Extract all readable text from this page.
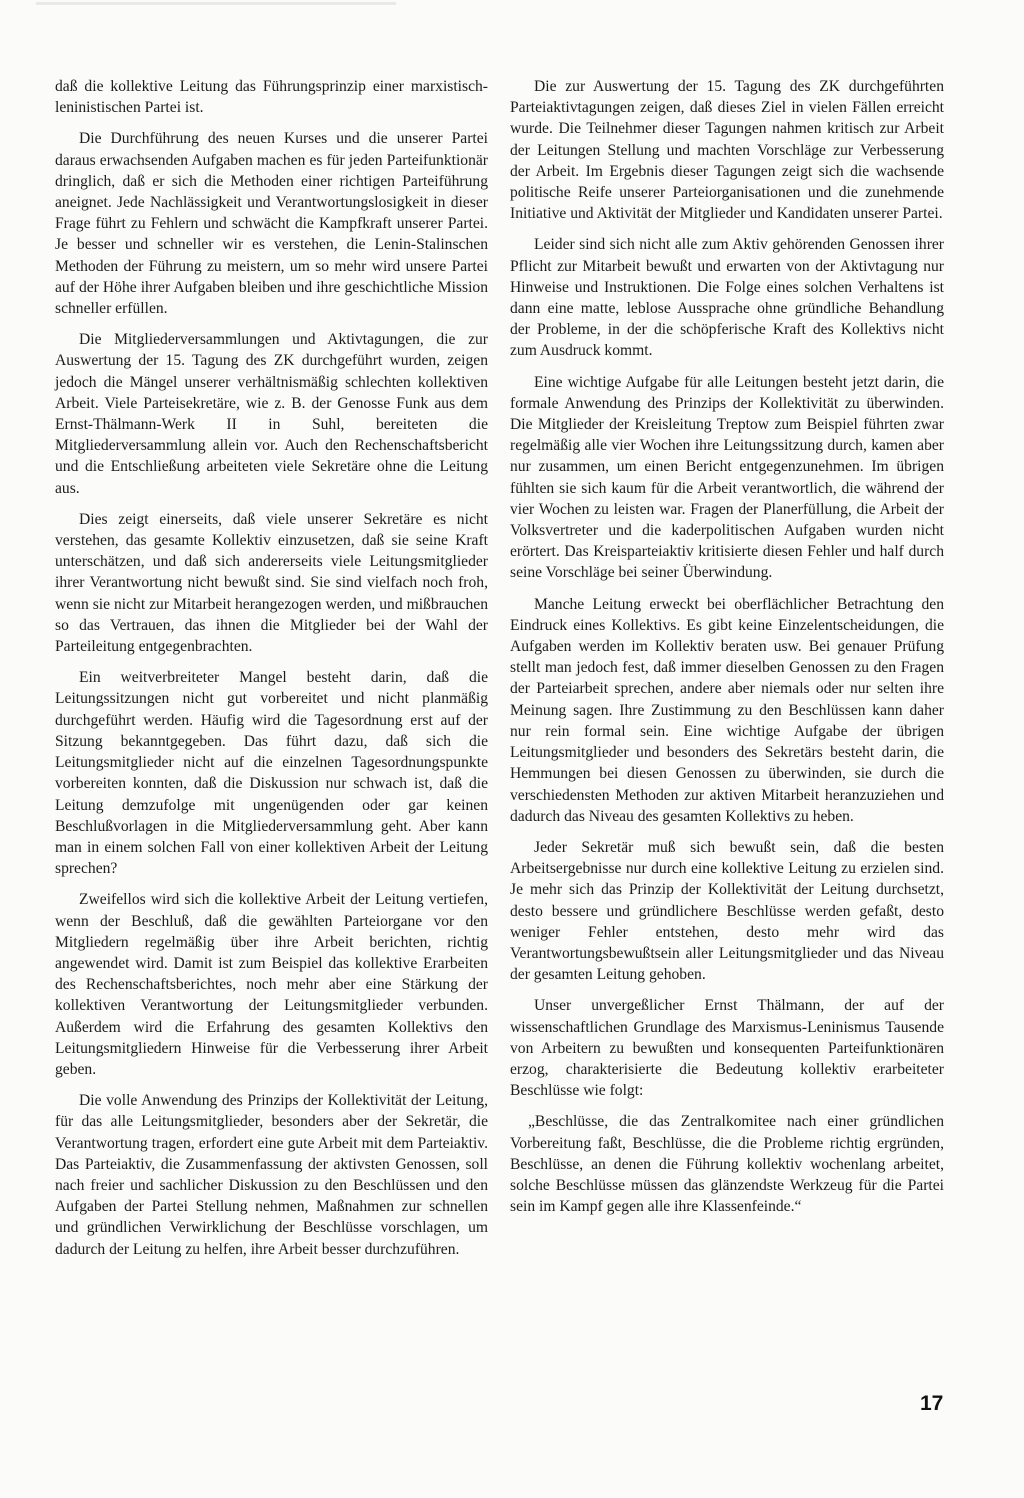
daß die kollektive Leitung das Führungsprinzip einer marxistisch-leninistischen Partei ist.

Die Durchführung des neuen Kurses und die unserer Partei daraus erwachsenden Aufgaben machen es für jeden Parteifunktionär dringlich, daß er sich die Methoden einer richtigen Parteiführung aneignet. Jede Nachlässigkeit und Verantwortungslosigkeit in dieser Frage führt zu Fehlern und schwächt die Kampfkraft unserer Partei. Je besser und schneller wir es verstehen, die Lenin-Stalinschen Methoden der Führung zu meistern, um so mehr wird unsere Partei auf der Höhe ihrer Aufgaben bleiben und ihre geschichtliche Mission schneller erfüllen.

Die Mitgliederversammlungen und Aktivtagungen, die zur Auswertung der 15. Tagung des ZK durchgeführt wurden, zeigen jedoch die Mängel unserer verhältnismäßig schlechten kollektiven Arbeit. Viele Parteisekretäre, wie z. B. der Genosse Funk aus dem Ernst-Thälmann-Werk II in Suhl, bereiteten die Mitgliederversammlung allein vor. Auch den Rechenschaftsbericht und die Entschließung arbeiteten viele Sekretäre ohne die Leitung aus.

Dies zeigt einerseits, daß viele unserer Sekretäre es nicht verstehen, das gesamte Kollektiv einzusetzen, daß sie seine Kraft unterschätzen, und daß sich andererseits viele Leitungsmitglieder ihrer Verantwortung nicht bewußt sind. Sie sind vielfach noch froh, wenn sie nicht zur Mitarbeit herangezogen werden, und mißbrauchen so das Vertrauen, das ihnen die Mitglieder bei der Wahl der Parteileitung entgegenbrachten.

Ein weitverbreiteter Mangel besteht darin, daß die Leitungssitzungen nicht gut vorbereitet und nicht planmäßig durchgeführt werden. Häufig wird die Tagesordnung erst auf der Sitzung bekanntgegeben. Das führt dazu, daß sich die Leitungsmitglieder nicht auf die einzelnen Tagesordnungspunkte vorbereiten konnten, daß die Diskussion nur schwach ist, daß die Leitung demzufolge mit ungenügenden oder gar keinen Beschlußvorlagen in die Mitgliederversammlung geht. Aber kann man in einem solchen Fall von einer kollektiven Arbeit der Leitung sprechen?

Zweifellos wird sich die kollektive Arbeit der Leitung vertiefen, wenn der Beschluß, daß die gewählten Parteiorgane vor den Mitgliedern regelmäßig über ihre Arbeit berichten, richtig angewendet wird. Damit ist zum Beispiel das kollektive Erarbeiten des Rechenschaftsberichtes, noch mehr aber eine Stärkung der kollektiven Verantwortung der Leitungsmitglieder verbunden. Außerdem wird die Erfahrung des gesamten Kollektivs den Leitungsmitgliedern Hinweise für die Verbesserung ihrer Arbeit geben.

Die volle Anwendung des Prinzips der Kollektivität der Leitung, für das alle Leitungsmitglieder, besonders aber der Sekretär, die Verantwortung tragen, erfordert eine gute Arbeit mit dem Parteiaktiv. Das Parteiaktiv, die Zusammenfassung der aktivsten Genossen, soll nach freier und sachlicher Diskussion zu den Beschlüssen und den Aufgaben der Partei Stellung nehmen, Maßnahmen zur schnellen und gründlichen Verwirklichung der Beschlüsse vorschlagen, um dadurch der Leitung zu helfen, ihre Arbeit besser durchzuführen.

Die zur Auswertung der 15. Tagung des ZK durchgeführten Parteiaktivtagungen zeigen, daß dieses Ziel in vielen Fällen erreicht wurde. Die Teilnehmer dieser Tagungen nahmen kritisch zur Arbeit der Leitungen Stellung und machten Vorschläge zur Verbesserung der Arbeit. Im Ergebnis dieser Tagungen zeigt sich die wachsende politische Reife unserer Parteiorganisationen und die zunehmende Initiative und Aktivität der Mitglieder und Kandidaten unserer Partei.

Leider sind sich nicht alle zum Aktiv gehörenden Genossen ihrer Pflicht zur Mitarbeit bewußt und erwarten von der Aktivtagung nur Hinweise und Instruktionen. Die Folge eines solchen Verhaltens ist dann eine matte, leblose Aussprache ohne gründliche Behandlung der Probleme, in der die schöpferische Kraft des Kollektivs nicht zum Ausdruck kommt.

Eine wichtige Aufgabe für alle Leitungen besteht jetzt darin, die formale Anwendung des Prinzips der Kollektivität zu überwinden. Die Mitglieder der Kreisleitung Treptow zum Beispiel führten zwar regelmäßig alle vier Wochen ihre Leitungssitzung durch, kamen aber nur zusammen, um einen Bericht entgegenzunehmen. Im übrigen fühlten sie sich kaum für die Arbeit verantwortlich, die während der vier Wochen zu leisten war. Fragen der Planerfüllung, die Arbeit der Volksvertreter und die kaderpolitischen Aufgaben wurden nicht erörtert. Das Kreisparteiaktiv kritisierte diesen Fehler und half durch seine Vorschläge bei seiner Überwindung.

Manche Leitung erweckt bei oberflächlicher Betrachtung den Eindruck eines Kollektivs. Es gibt keine Einzelentscheidungen, die Aufgaben werden im Kollektiv beraten usw. Bei genauer Prüfung stellt man jedoch fest, daß immer dieselben Genossen zu den Fragen der Parteiarbeit sprechen, andere aber niemals oder nur selten ihre Meinung sagen. Ihre Zustimmung zu den Beschlüssen kann daher nur rein formal sein. Eine wichtige Aufgabe der übrigen Leitungsmitglieder und besonders des Sekretärs besteht darin, die Hemmungen bei diesen Genossen zu überwinden, sie durch die verschiedensten Methoden zur aktiven Mitarbeit heranzuziehen und dadurch das Niveau des gesamten Kollektivs zu heben.

Jeder Sekretär muß sich bewußt sein, daß die besten Arbeitsergebnisse nur durch eine kollektive Leitung zu erzielen sind. Je mehr sich das Prinzip der Kollektivität der Leitung durchsetzt, desto bessere und gründlichere Beschlüsse werden gefaßt, desto weniger Fehler entstehen, desto mehr wird das Verantwortungsbewußtsein aller Leitungsmitglieder und das Niveau der gesamten Leitung gehoben.

Unser unvergeßlicher Ernst Thälmann, der auf der wissenschaftlichen Grundlage des Marxismus-Leninismus Tausende von Arbeitern zu bewußten und konsequenten Parteifunktionären erzog, charakterisierte die Bedeutung kollektiv erarbeiteter Beschlüsse wie folgt:

„Beschlüsse, die das Zentralkomitee nach einer gründlichen Vorbereitung faßt, Beschlüsse, die die Probleme richtig ergründen, Beschlüsse, an denen die Führung kollektiv wochenlang arbeitet, solche Beschlüsse müssen das glänzendste Werkzeug für die Partei sein im Kampf gegen alle ihre Klassenfeinde.“

17
